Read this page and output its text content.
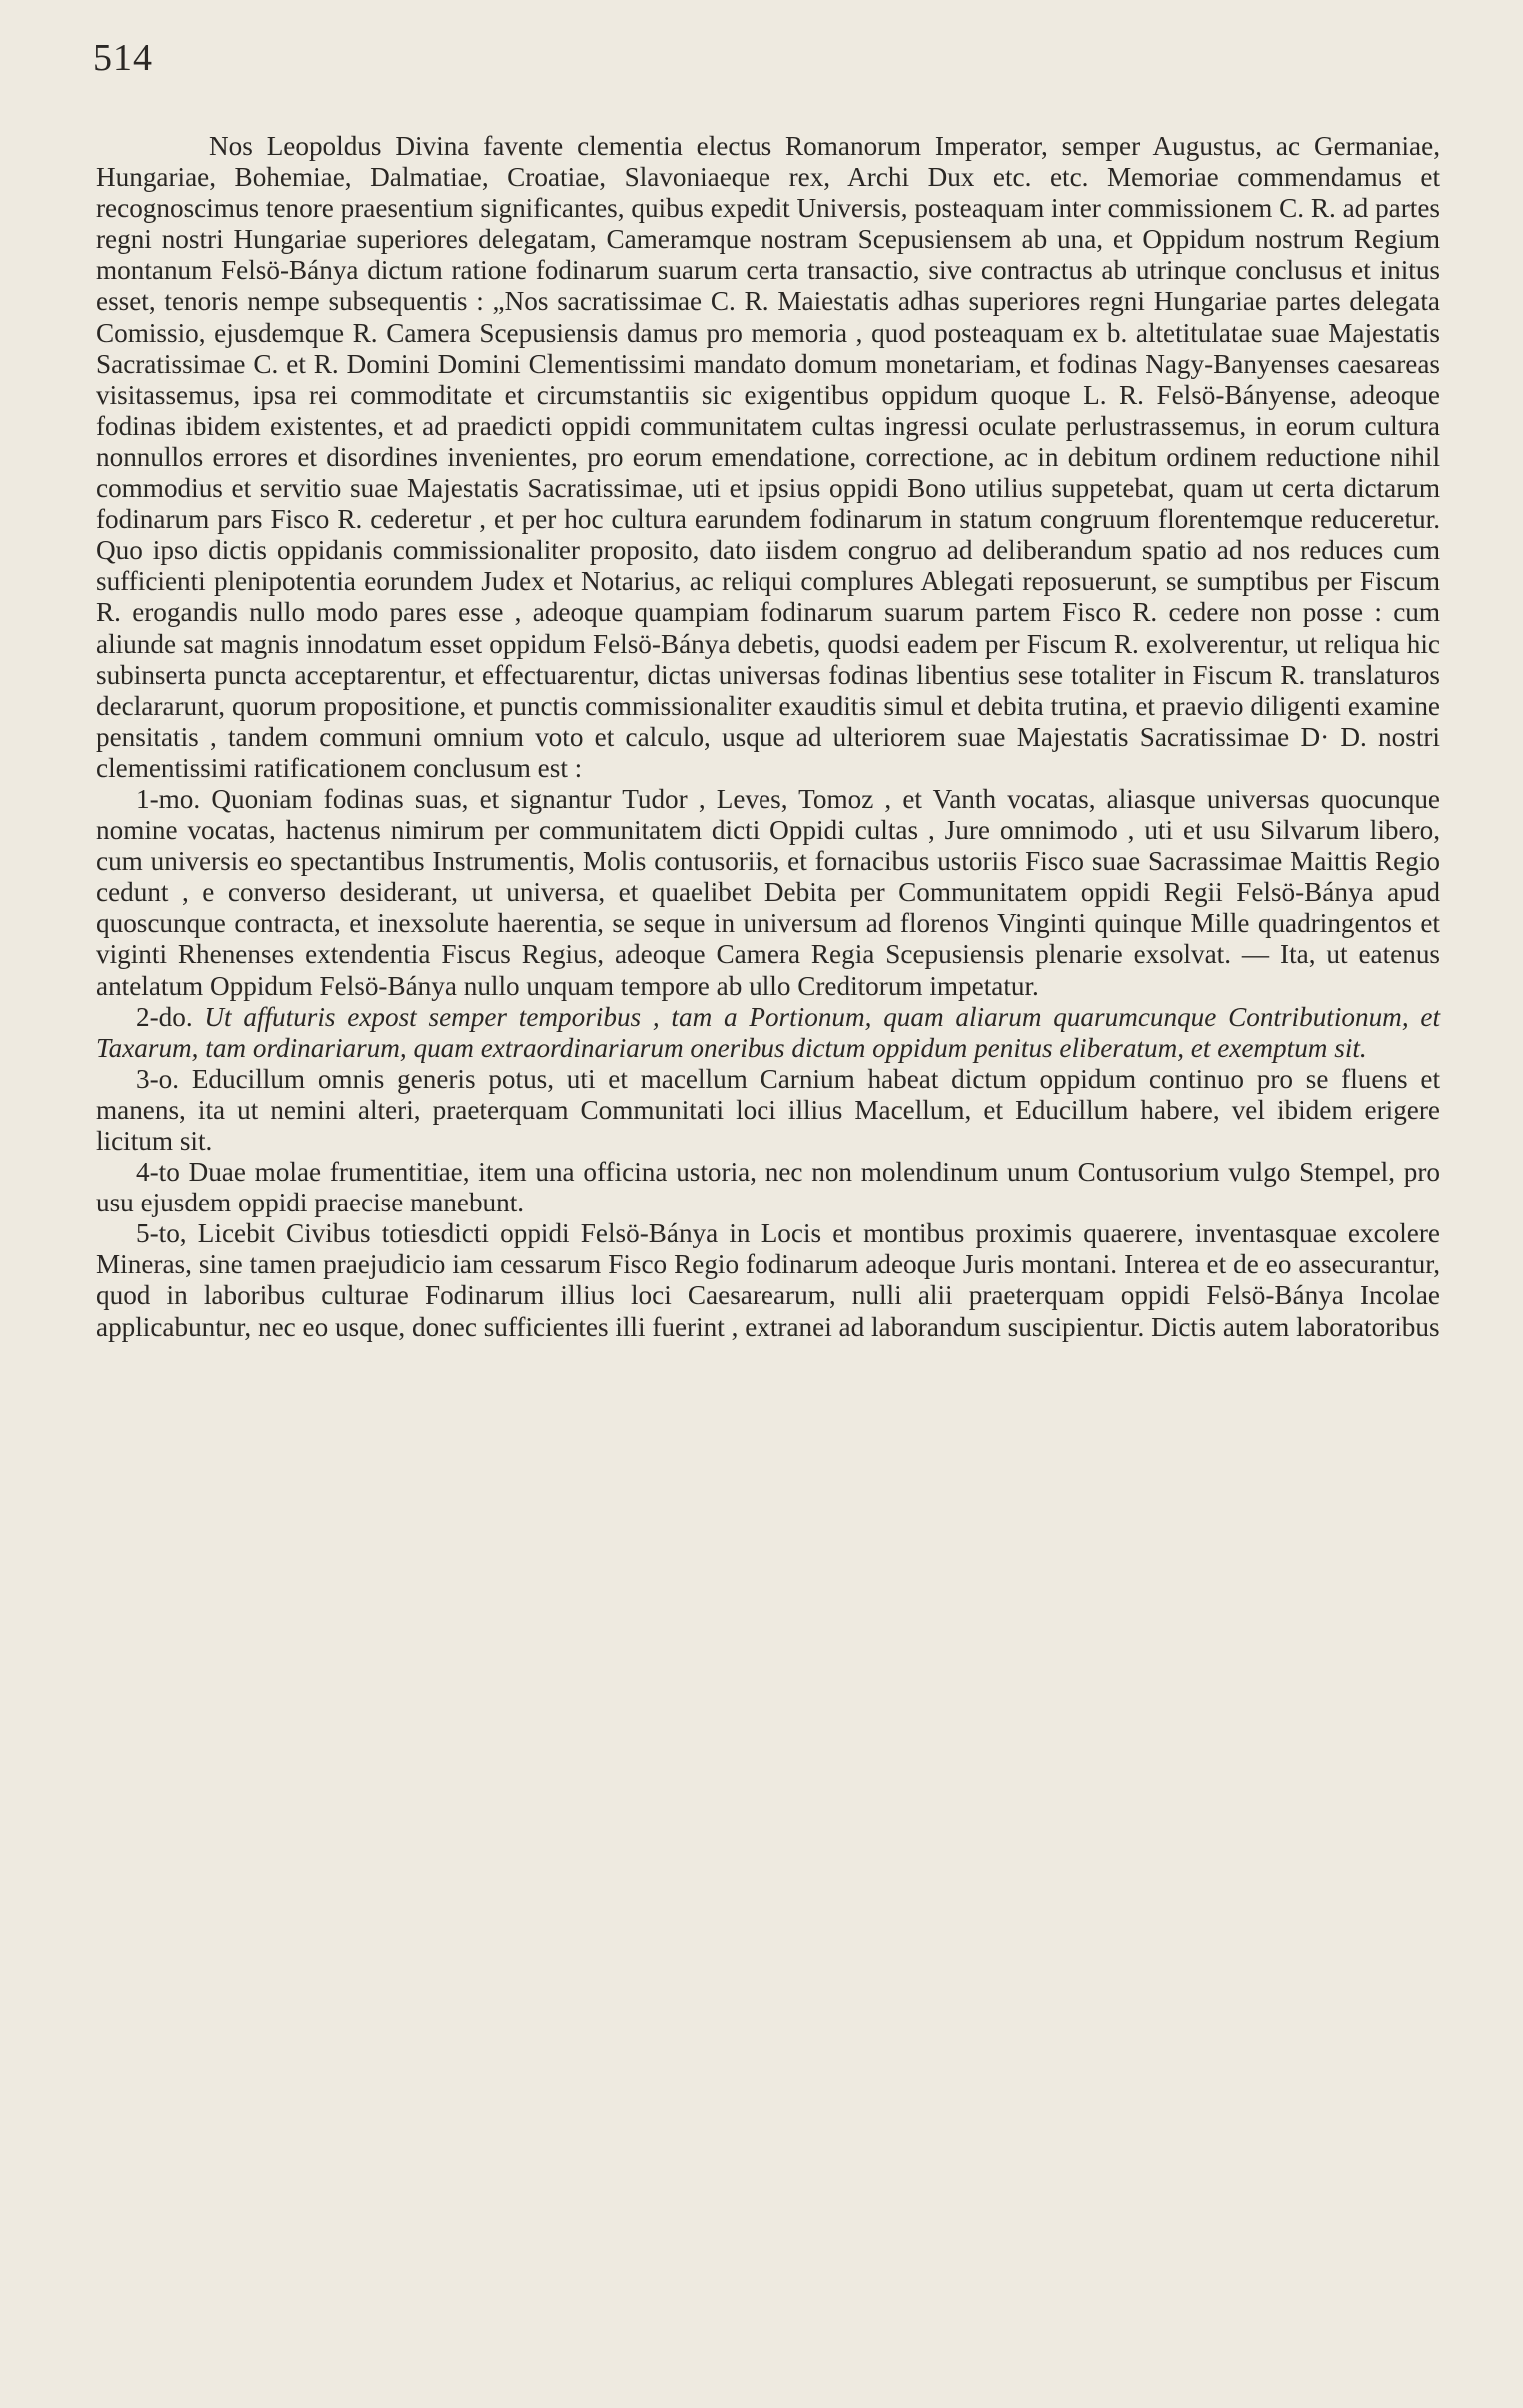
514

Nos Leopoldus Divina favente clementia electus Romanorum Imperator, semper Augustus, ac Germaniae, Hungariae, Bohemiae, Dalmatiae, Croatiae, Slavoniaeque rex, Archi Dux etc. etc. Memoriae commendamus et recognoscimus tenore praesentium significantes, quibus expedit Universis, posteaquam inter commissionem C. R. ad partes regni nostri Hungariae superiores delegatam, Cameramque nostram Scepusiensem ab una, et Oppidum nostrum Regium montanum Felsö-Bánya dictum ratione fodinarum suarum certa transactio, sive contractus ab utrinque conclusus et initus esset, tenoris nempe subsequentis : „Nos sacratissimae C. R. Maiestatis adhas superiores regni Hungariae partes delegata Comissio, ejusdemque R. Camera Scepusiensis damus pro memoria , quod posteaquam ex b. altetitulatae suae Majestatis Sacratissimae C. et R. Domini Domini Clementissimi mandato domum monetariam, et fodinas Nagy-Banyenses caesareas visitassemus, ipsa rei commoditate et circumstantiis sic exigentibus oppidum quoque L. R. Felsö-Bányense, adeoque fodinas ibidem existentes, et ad praedicti oppidi communitatem cultas ingressi oculate perlustrassemus, in eorum cultura nonnullos errores et disordines invenientes, pro eorum emendatione, correctione, ac in debitum ordinem reductione nihil commodius et servitio suae Majestatis Sacratissimae, uti et ipsius oppidi Bono utilius suppetebat, quam ut certa dictarum fodinarum pars Fisco R. cederetur , et per hoc cultura earundem fodinarum in statum congruum florentemque reduceretur. Quo ipso dictis oppidanis commissionaliter proposito, dato iisdem congruo ad deliberandum spatio ad nos reduces cum sufficienti plenipotentia eorundem Judex et Notarius, ac reliqui complures Ablegati reposuerunt, se sumptibus per Fiscum R. erogandis nullo modo pares esse , adeoque quampiam fodinarum suarum partem Fisco R. cedere non posse : cum aliunde sat magnis innodatum esset oppidum Felsö-Bánya debetis, quodsi eadem per Fiscum R. exolverentur, ut reliqua hic subinserta puncta acceptarentur, et effectuarentur, dictas universas fodinas libentius sese totaliter in Fiscum R. translaturos declararunt, quorum propositione, et punctis commissionaliter exauditis simul et debita trutina, et praevio diligenti examine pensitatis , tandem communi omnium voto et calculo, usque ad ulteriorem suae Majestatis Sacratissimae D· D. nostri clementissimi ratificationem conclusum est :

1-mo. Quoniam fodinas suas, et signantur Tudor , Leves, Tomoz , et Vanth vocatas, aliasque universas quocunque nomine vocatas, hactenus nimirum per communitatem dicti Oppidi cultas , Jure omnimodo , uti et usu Silvarum libero, cum universis eo spectantibus Instrumentis, Molis contusoriis, et fornacibus ustoriis Fisco suae Sacrassimae Maittis Regio cedunt , e converso desiderant, ut universa, et quaelibet Debita per Communitatem oppidi Regii Felsö-Bánya apud quoscunque contracta, et inexsolute haerentia, se seque in universum ad florenos Vinginti quinque Mille quadringentos et viginti Rhenenses extendentia Fiscus Regius, adeoque Camera Regia Scepusiensis plenarie exsolvat. — Ita, ut eatenus antelatum Oppidum Felsö-Bánya nullo unquam tempore ab ullo Creditorum impetatur.

2-do. Ut affuturis expost semper temporibus , tam a Portionum, quam aliarum quarumcunque Contributionum, et Taxarum, tam ordinariarum, quam extraordinariarum oneribus dictum oppidum penitus eliberatum, et exemptum sit.

3-o. Educillum omnis generis potus, uti et macellum Carnium habeat dictum oppidum continuo pro se fluens et manens, ita ut nemini alteri, praeterquam Communitati loci illius Macellum, et Educillum habere, vel ibidem erigere licitum sit.

4-to Duae molae frumentitiae, item una officina ustoria, nec non molendinum unum Contusorium vulgo Stempel, pro usu ejusdem oppidi praecise manebunt.

5-to, Licebit Civibus totiesdicti oppidi Felsö-Bánya in Locis et montibus proximis quaerere, inventasquae excolere Mineras, sine tamen praejudicio iam cessarum Fisco Regio fodinarum adeoque Juris montani. Interea et de eo assecurantur, quod in laboribus culturae Fodinarum illius loci Caesarearum, nulli alii praeterquam oppidi Felsö-Bánya Incolae applicabuntur, nec eo usque, donec sufficientes illi fuerint , extranei ad laborandum suscipientur. Dictis autem laboratoribus
